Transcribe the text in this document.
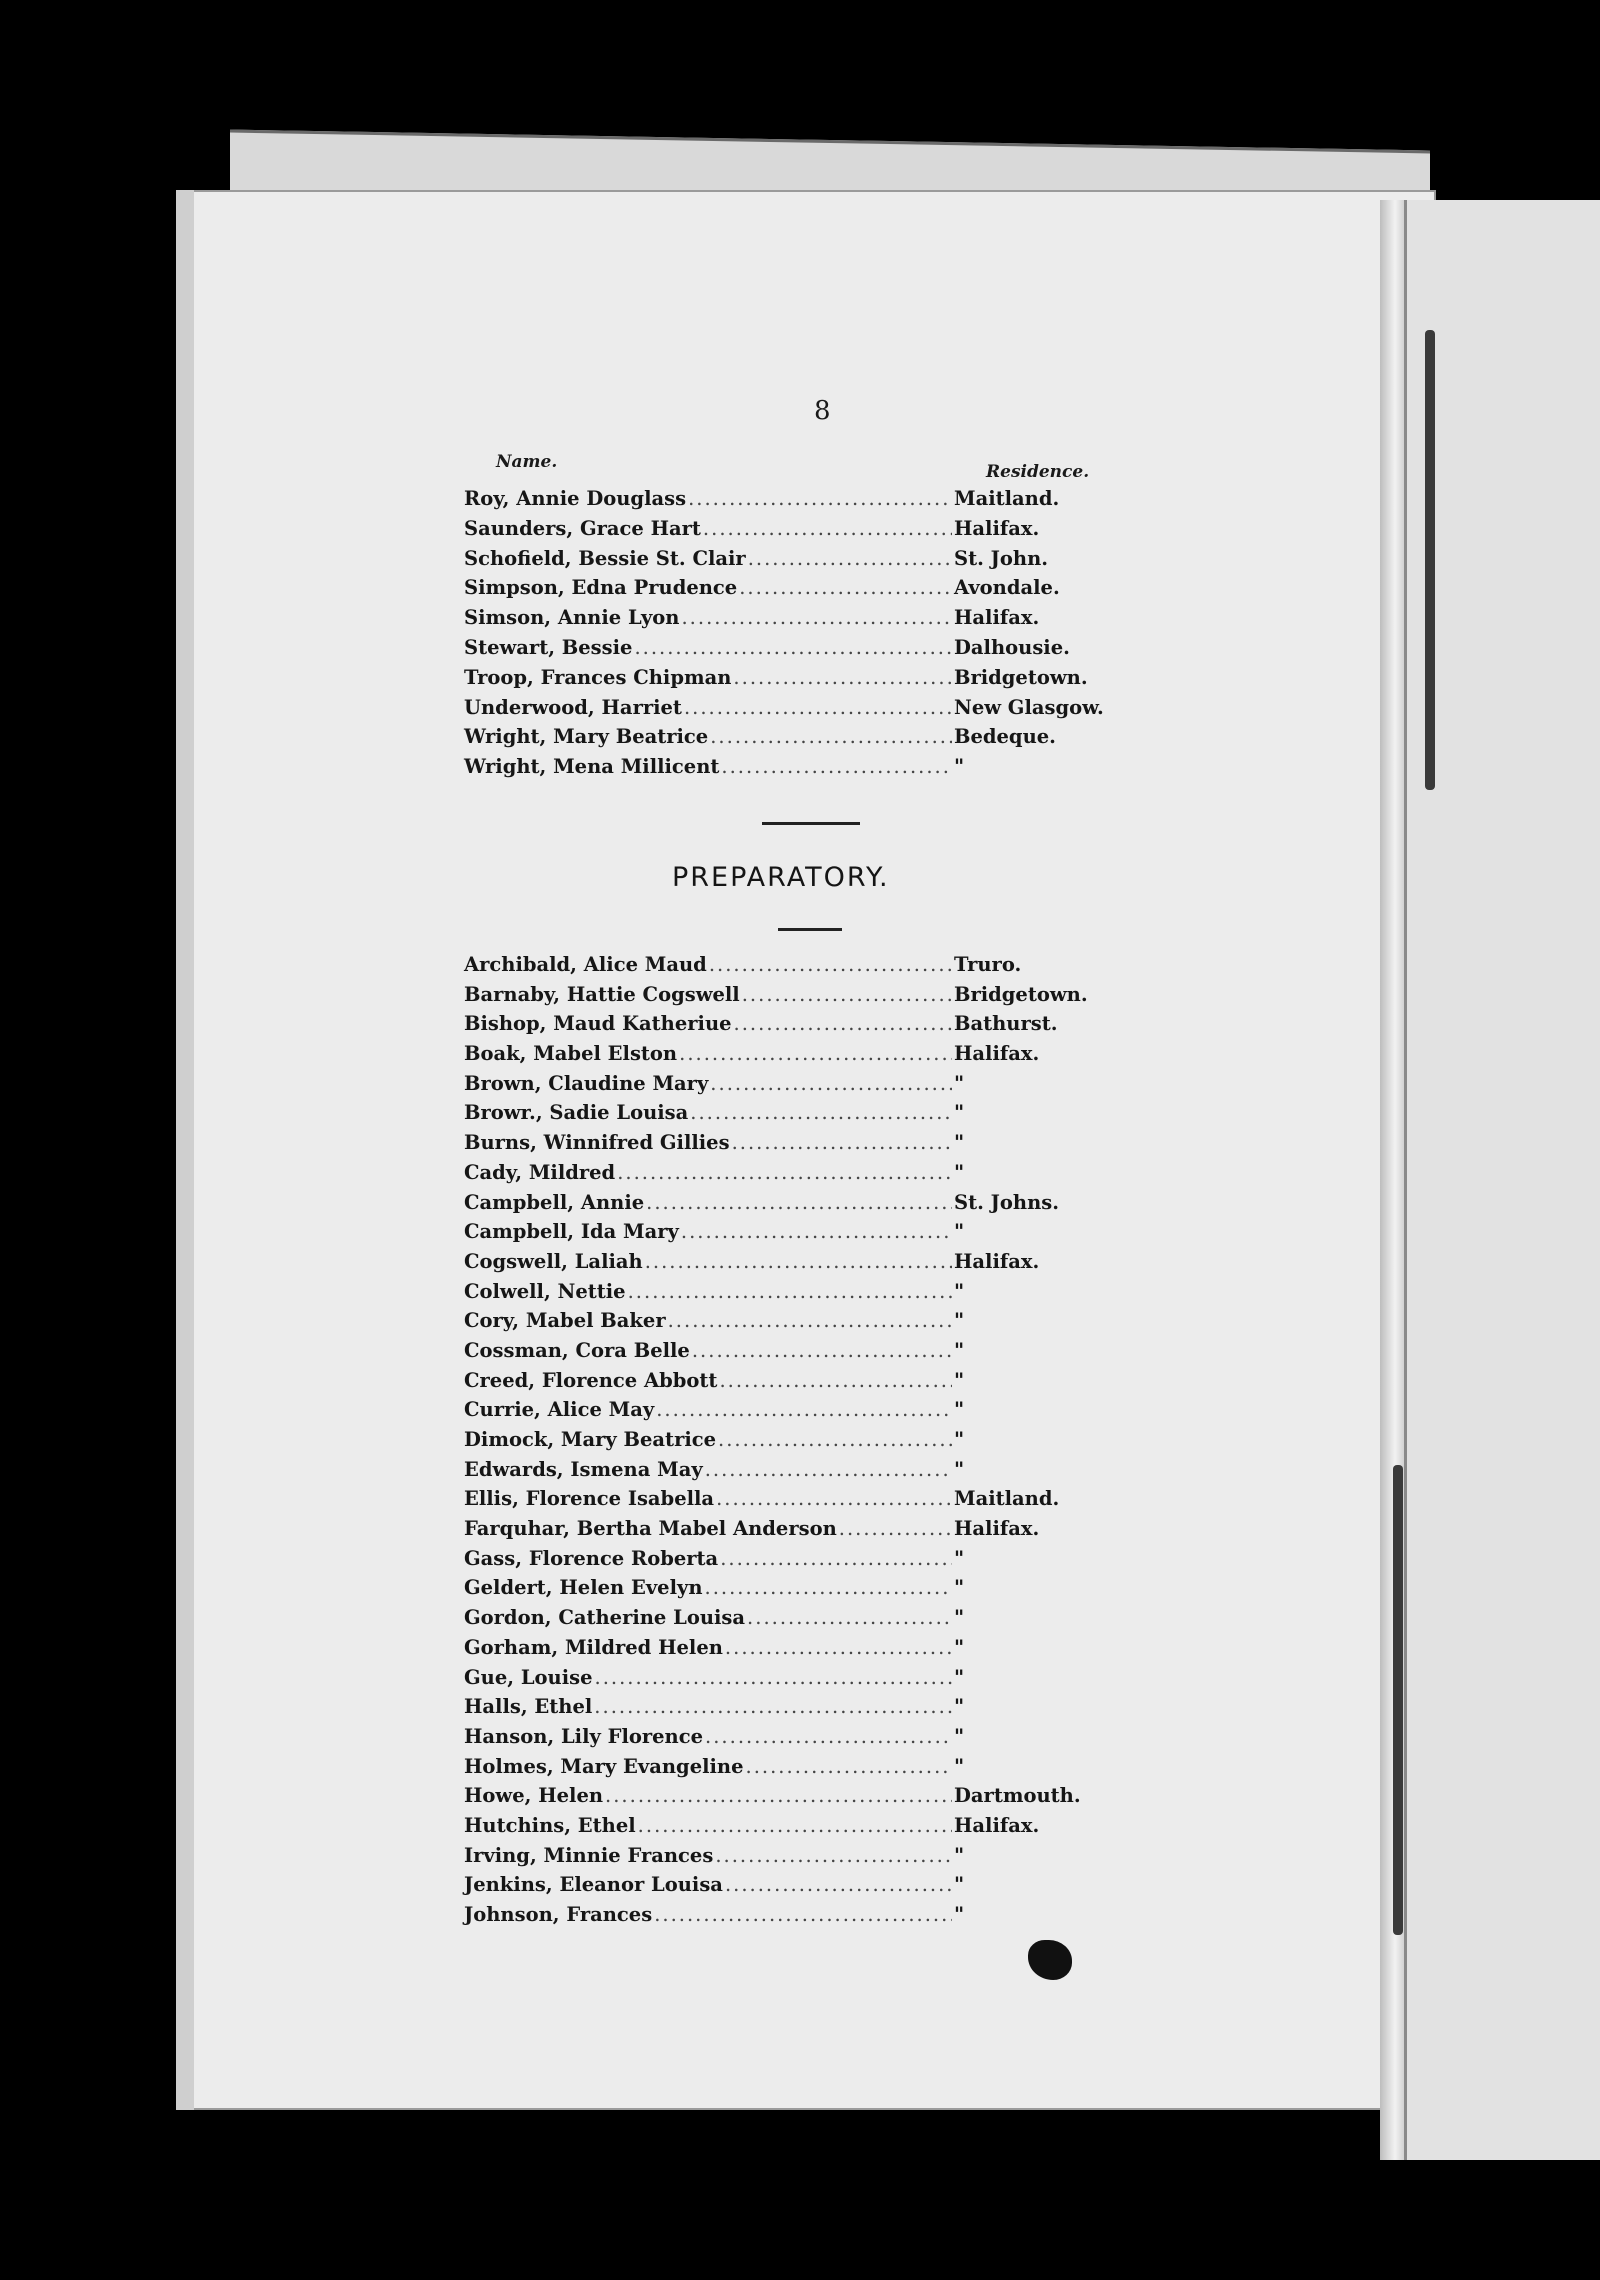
8
Name.	Residence.
Roy, Annie Douglass .....	Maitland.
Saunders, Grace Hart .....	Halifax.
Schofield, Bessie St. Clair .....	St. John.
Simpson, Edna Prudence .....	Avondale.
Simson, Annie Lyon .....	Halifax.
Stewart, Bessie .....	Dalhousie.
Troop, Frances Chipman .....	Bridgetown.
Underwood, Harriet .....	New Glasgow.
Wright, Mary Beatrice .....	Bedeque.
Wright, Mena Millicent .....	"
PREPARATORY.
Archibald, Alice Maud .....	Truro.
Barnaby, Hattie Cogswell .....	Bridgetown.
Bishop, Maud Katheriue .....	Bathurst.
Boak, Mabel Elston .....	Halifax.
Brown, Claudine Mary .....	"
Browr., Sadie Louisa .....	"
Burns, Winnifred Gillies .....	"
Cady, Mildred .....	"
Campbell, Annie .....	St. Johns.
Campbell, Ida Mary .....	"
Cogswell, Laliah .....	Halifax.
Colwell, Nettie .....	"
Cory, Mabel Baker .....	"
Cossman, Cora Belle .....	"
Creed, Florence Abbott .....	"
Currie, Alice May .....	"
Dimock, Mary Beatrice .....	"
Edwards, Ismena May .....	"
Ellis, Florence Isabella .....	Maitland.
Farquhar, Bertha Mabel Anderson .....	Halifax.
Gass, Florence Roberta .....	"
Geldert, Helen Evelyn .....	"
Gordon, Catherine Louisa .....	"
Gorham, Mildred Helen .....	"
Gue, Louise .....	"
Halls, Ethel .....	"
Hanson, Lily Florence .....	"
Holmes, Mary Evangeline .....	"
Howe, Helen .....	Dartmouth.
Hutchins, Ethel .....	Halifax.
Irving, Minnie Frances .....	"
Jenkins, Eleanor Louisa .....	"
Johnson, Frances .....	"
